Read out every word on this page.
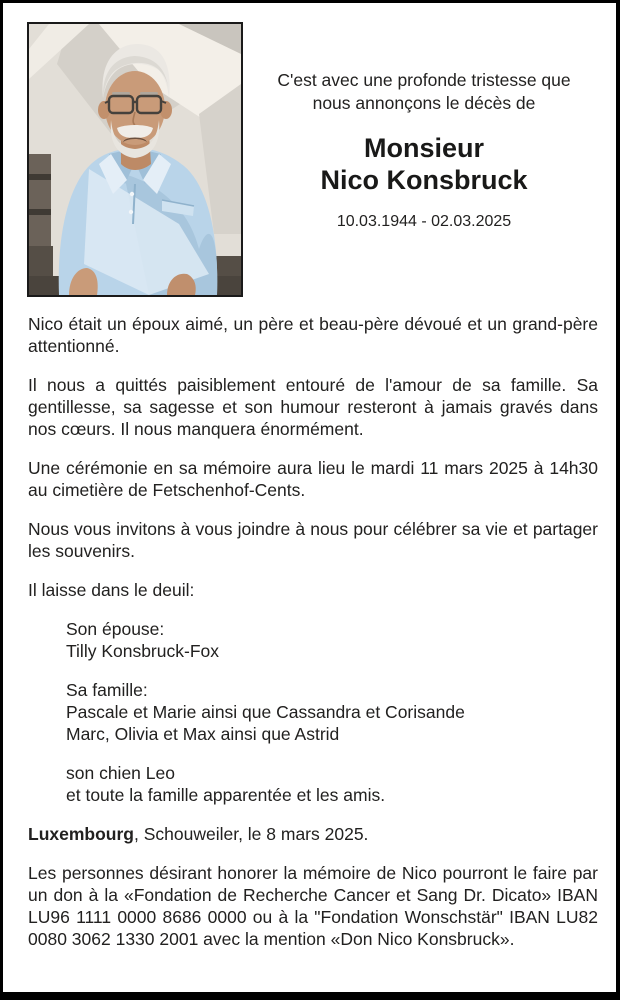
C'est avec une profonde tristesse que
nous annonçons le décès de
Monsieur
Nico Konsbruck
10.03.1944 - 02.03.2025

Nico était un époux aimé, un père et beau-père dévoué et un grand-père attentionné.

Il nous a quittés paisiblement entouré de l'amour de sa famille. Sa gentillesse, sa sagesse et son humour resteront à jamais gravés dans nos cœurs. Il nous manquera énormément.

Une cérémonie en sa mémoire aura lieu le mardi 11 mars 2025 à 14h30 au cimetière de Fetschenhof-Cents.

Nous vous invitons à vous joindre à nous pour célébrer sa vie et partager les souvenirs.

Il laisse dans le deuil:

Son épouse:
Tilly Konsbruck-Fox
Sa famille:
Pascale et Marie ainsi que Cassandra et Corisande
Marc, Olivia et Max ainsi que Astrid
son chien Leo
et toute la famille apparentée et les amis.

Luxembourg, Schouweiler, le 8 mars 2025.

Les personnes désirant honorer la mémoire de Nico pourront le faire par un don à la «Fondation de Recherche Cancer et Sang Dr. Dicato» IBAN LU96 1111 0000 8686 0000 ou à la "Fondation Wonschstär" IBAN LU82 0080 3062 1330 2001 avec la mention «Don Nico Konsbruck».
